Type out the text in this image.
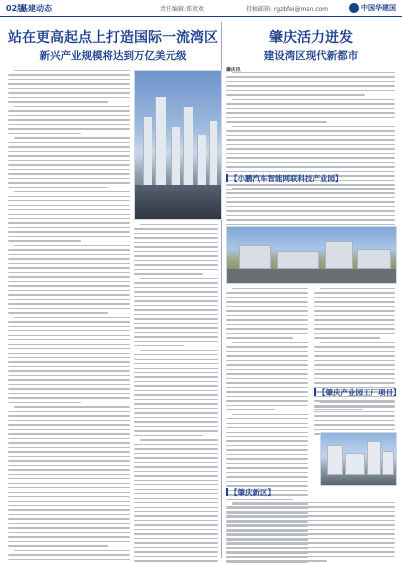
02版
基建动态	责任编辑:郑欢欢	投稿邮箱: rgzbfei@msn.com	中国华建国
站在更高起点上打造国际一流湾区
新兴产业规模将达到万亿美元级
肇庆活力迸发
建设湾区现代新都市
【小鹏汽车智能网联科技产业园】
【肇庆产业园工厂项目】
【肇庆新区】
肇庆讯
